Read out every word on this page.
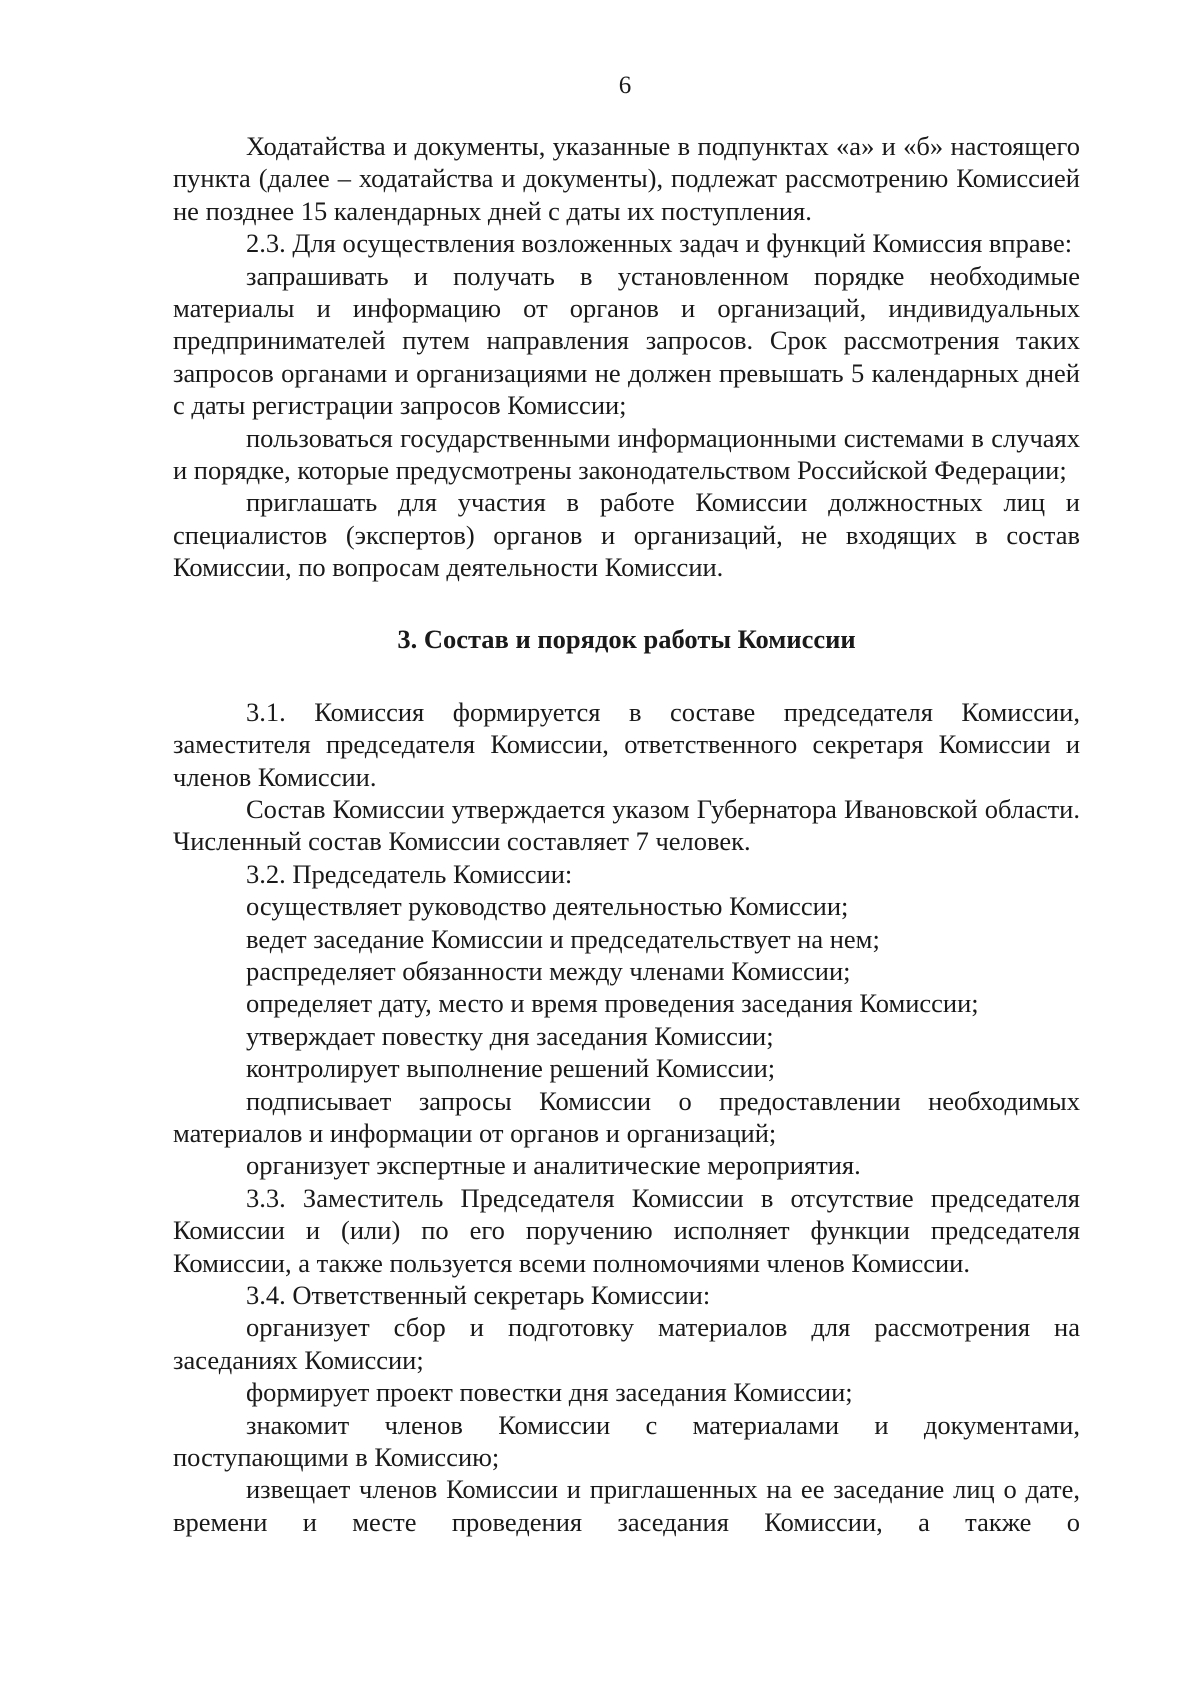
6

Ходатайства и документы, указанные в подпунктах «а» и «б» настоящего пункта (далее – ходатайства и документы), подлежат рассмотрению Комиссией не позднее 15 календарных дней с даты их поступления.

2.3. Для осуществления возложенных задач и функций Комиссия вправе:

запрашивать и получать в установленном порядке необходимые материалы и информацию от органов и организаций, индивидуальных предпринимателей путем направления запросов. Срок рассмотрения таких запросов органами и организациями не должен превышать 5 календарных дней с даты регистрации запросов Комиссии;

пользоваться государственными информационными системами в случаях и порядке, которые предусмотрены законодательством Российской Федерации;

приглашать для участия в работе Комиссии должностных лиц и специалистов (экспертов) органов и организаций, не входящих в состав Комиссии, по вопросам деятельности Комиссии.

3. Состав и порядок работы Комиссии

3.1. Комиссия формируется в составе председателя Комиссии, заместителя председателя Комиссии, ответственного секретаря Комиссии и членов Комиссии.

Состав Комиссии утверждается указом Губернатора Ивановской области. Численный состав Комиссии составляет 7 человек.

3.2. Председатель Комиссии:

осуществляет руководство деятельностью Комиссии;

ведет заседание Комиссии и председательствует на нем;

распределяет обязанности между членами Комиссии;

определяет дату, место и время проведения заседания Комиссии;

утверждает повестку дня заседания Комиссии;

контролирует выполнение решений Комиссии;

подписывает запросы Комиссии о предоставлении необходимых материалов и информации от органов и организаций;

организует экспертные и аналитические мероприятия.

3.3. Заместитель Председателя Комиссии в отсутствие председателя Комиссии и (или) по его поручению исполняет функции председателя Комиссии, а также пользуется всеми полномочиями членов Комиссии.

3.4. Ответственный секретарь Комиссии:

организует сбор и подготовку материалов для рассмотрения на заседаниях Комиссии;

формирует проект повестки дня заседания Комиссии;

знакомит членов Комиссии с материалами и документами, поступающими в Комиссию;

извещает членов Комиссии и приглашенных на ее заседание лиц о дате, времени и месте проведения заседания Комиссии, а также о
